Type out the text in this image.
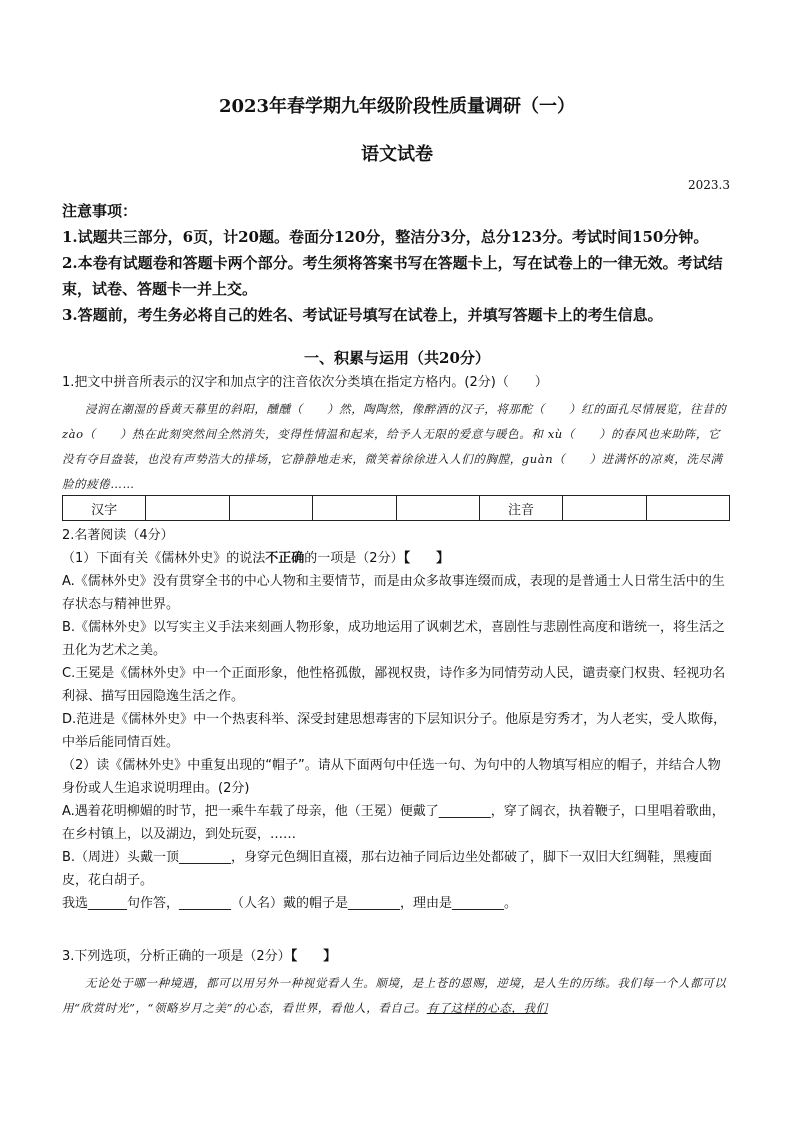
2023年春学期九年级阶段性质量调研（一）
语文试卷
2023.3

注意事项：

1.试题共三部分，6页，计20题。卷面分120分，整洁分3分，总分123分。考试时间150分钟。

2.本卷有试题卷和答题卡两个部分。考生须将答案书写在答题卡上，写在试卷上的一律无效。考试结束，试卷、答题卡一并上交。

3.答题前，考生务必将自己的姓名、考试证号填写在试卷上，并填写答题卡上的考生信息。

一、积累与运用（共20分）

1.把文中拼音所表示的汉字和加点字的注音依次分类填在指定方格内。(2分)（　　）

浸润在潮湿的昏黄天幕里的斜阳，醺醺（　　）然，陶陶然，像醉酒的汉子，将那酡（　　）红的面孔尽情展览，往昔的 zào（　　）热在此刻突然间全然消失，变得性情温和起来，给予人无限的爱意与暖色。和 xù（　　）的春风也来助阵，它没有夺目盎装，也没有声势浩大的排场，它静静地走来，微笑着徐徐进入人们的胸膛，guàn（　　）进满怀的凉爽，洗尽满脸的疲倦……

汉字					注音		

2.名著阅读（4分）

（1）下面有关《儒林外史》的说法不正确的一项是（2分）【　　】

A.《儒林外史》没有贯穿全书的中心人物和主要情节，而是由众多故事连缀而成，表现的是普通士人日常生活中的生存状态与精神世界。

B.《儒林外史》以写实主义手法来刻画人物形象，成功地运用了讽刺艺术，喜剧性与悲剧性高度和谐统一，将生活之丑化为艺术之美。

C.王冕是《儒林外史》中一个正面形象，他性格孤傲，鄙视权贵，诗作多为同情劳动人民，谴责豪门权贵、轻视功名利禄、描写田园隐逸生活之作。

D.范进是《儒林外史》中一个热衷科举、深受封建思想毒害的下层知识分子。他原是穷秀才，为人老实，受人欺侮，中举后能同情百姓。

（2）读《儒林外史》中重复出现的“帽子”。请从下面两句中任选一句、为句中的人物填写相应的帽子，并结合人物身份或人生追求说明理由。(2分)

A.遇着花明柳媚的时节，把一乘牛车载了母亲，他（王冕）便戴了________，穿了阔衣，执着鞭子，口里唱着歌曲，在乡村镇上，以及湖边，到处玩耍，……

B.（周进）头戴一顶________，身穿元色绸旧直裰，那右边袖子同后边坐处都破了，脚下一双旧大红绸鞋，黑瘦面皮，花白胡子。

我选______句作答，________（人名）戴的帽子是________，理由是________。

3.下列选项，分析正确的一项是（2分）【　　】

无论处于哪一种境遇，都可以用另外一种视觉看人生。顺境，是上苍的恩赐，逆境，是人生的历练。我们每一个人都可以用“欣赏时光”，“领略岁月之美”的心态，看世界，看他人，看自己。有了这样的心态，我们
